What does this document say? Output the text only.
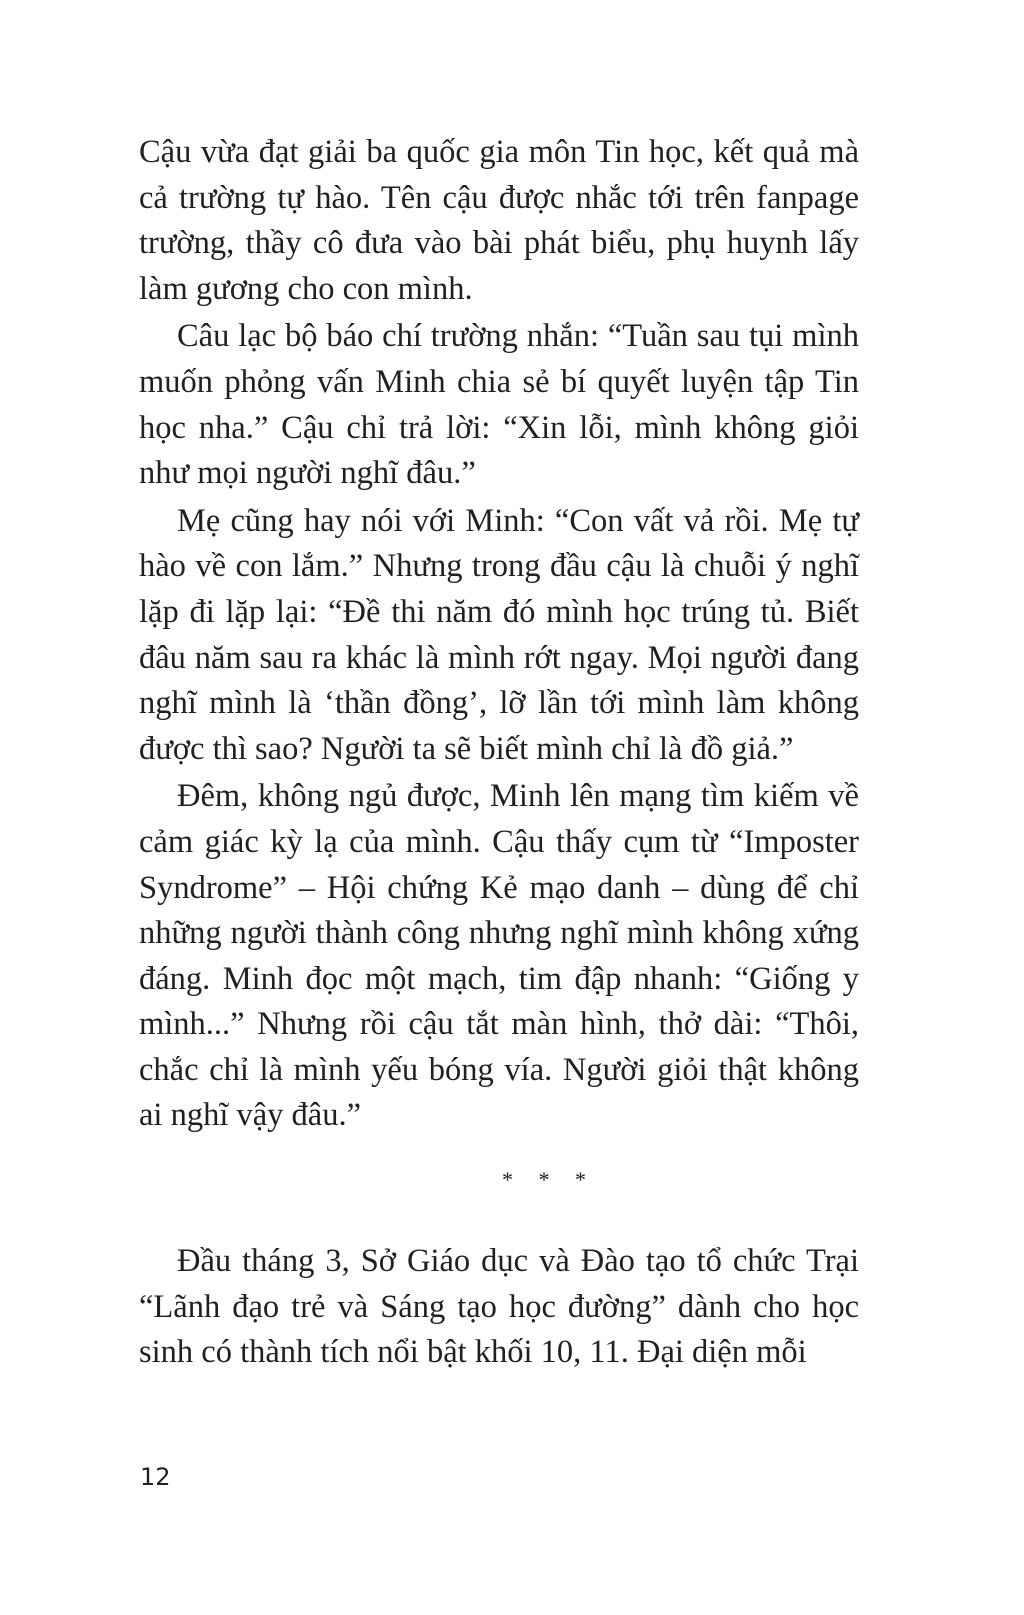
Cậu vừa đạt giải ba quốc gia môn Tin học, kết quả mà cả trường tự hào. Tên cậu được nhắc tới trên fanpage trường, thầy cô đưa vào bài phát biểu, phụ huynh lấy làm gương cho con mình.

Câu lạc bộ báo chí trường nhắn: “Tuần sau tụi mình muốn phỏng vấn Minh chia sẻ bí quyết luyện tập Tin học nha.” Cậu chỉ trả lời: “Xin lỗi, mình không giỏi như mọi người nghĩ đâu.”

Mẹ cũng hay nói với Minh: “Con vất vả rồi. Mẹ tự hào về con lắm.” Nhưng trong đầu cậu là chuỗi ý nghĩ lặp đi lặp lại: “Đề thi năm đó mình học trúng tủ. Biết đâu năm sau ra khác là mình rớt ngay. Mọi người đang nghĩ mình là ‘thần đồng’, lỡ lần tới mình làm không được thì sao? Người ta sẽ biết mình chỉ là đồ giả.”

Đêm, không ngủ được, Minh lên mạng tìm kiếm về cảm giác kỳ lạ của mình. Cậu thấy cụm từ “Imposter Syndrome” – Hội chứng Kẻ mạo danh – dùng để chỉ những người thành công nhưng nghĩ mình không xứng đáng. Minh đọc một mạch, tim đập nhanh: “Giống y mình...” Nhưng rồi cậu tắt màn hình, thở dài: “Thôi, chắc chỉ là mình yếu bóng vía. Người giỏi thật không ai nghĩ vậy đâu.”

* * *

Đầu tháng 3, Sở Giáo dục và Đào tạo tổ chức Trại “Lãnh đạo trẻ và Sáng tạo học đường” dành cho học sinh có thành tích nổi bật khối 10, 11. Đại diện mỗi

12
